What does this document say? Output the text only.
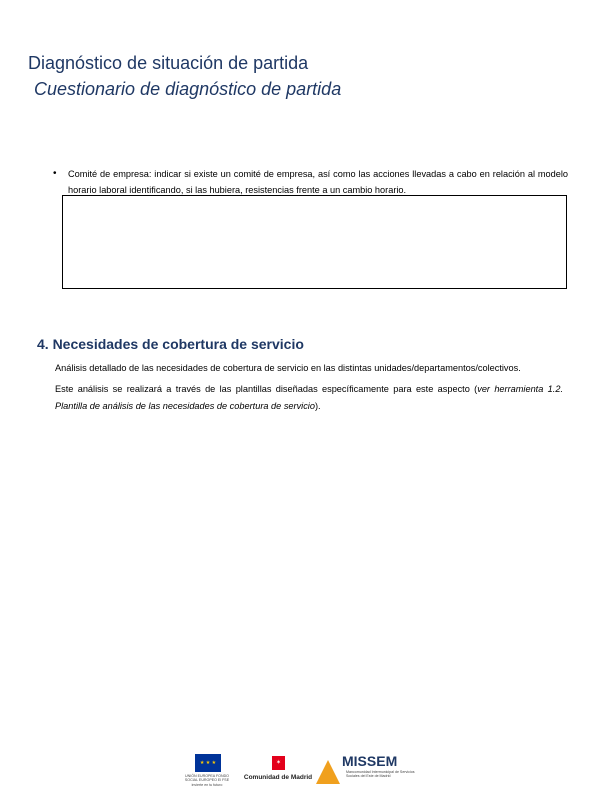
Diagnóstico de situación de partida
Cuestionario de diagnóstico de partida
• Comité de empresa: indicar si existe un comité de empresa, así como las acciones llevadas a cabo en relación al modelo horario laboral identificando, si las hubiera, resistencias frente a un cambio horario.

4. Necesidades de cobertura de servicio

Análisis detallado de las necesidades de cobertura de servicio en las distintas unidades/departamentos/colectivos.

Este análisis se realizará a través de las plantillas diseñadas específicamente para este aspecto (ver herramienta 1.2. Plantilla de análisis de las necesidades de cobertura de servicio).

★ ★ ★
UNIÓN EUROPEA FONDO SOCIAL EUROPEO El FSE invierte en tu futuro
✶
Comunidad de Madrid
MISSEM
Mancomunidad Intermunicipal de Servicios Sociales del Este de Madrid
